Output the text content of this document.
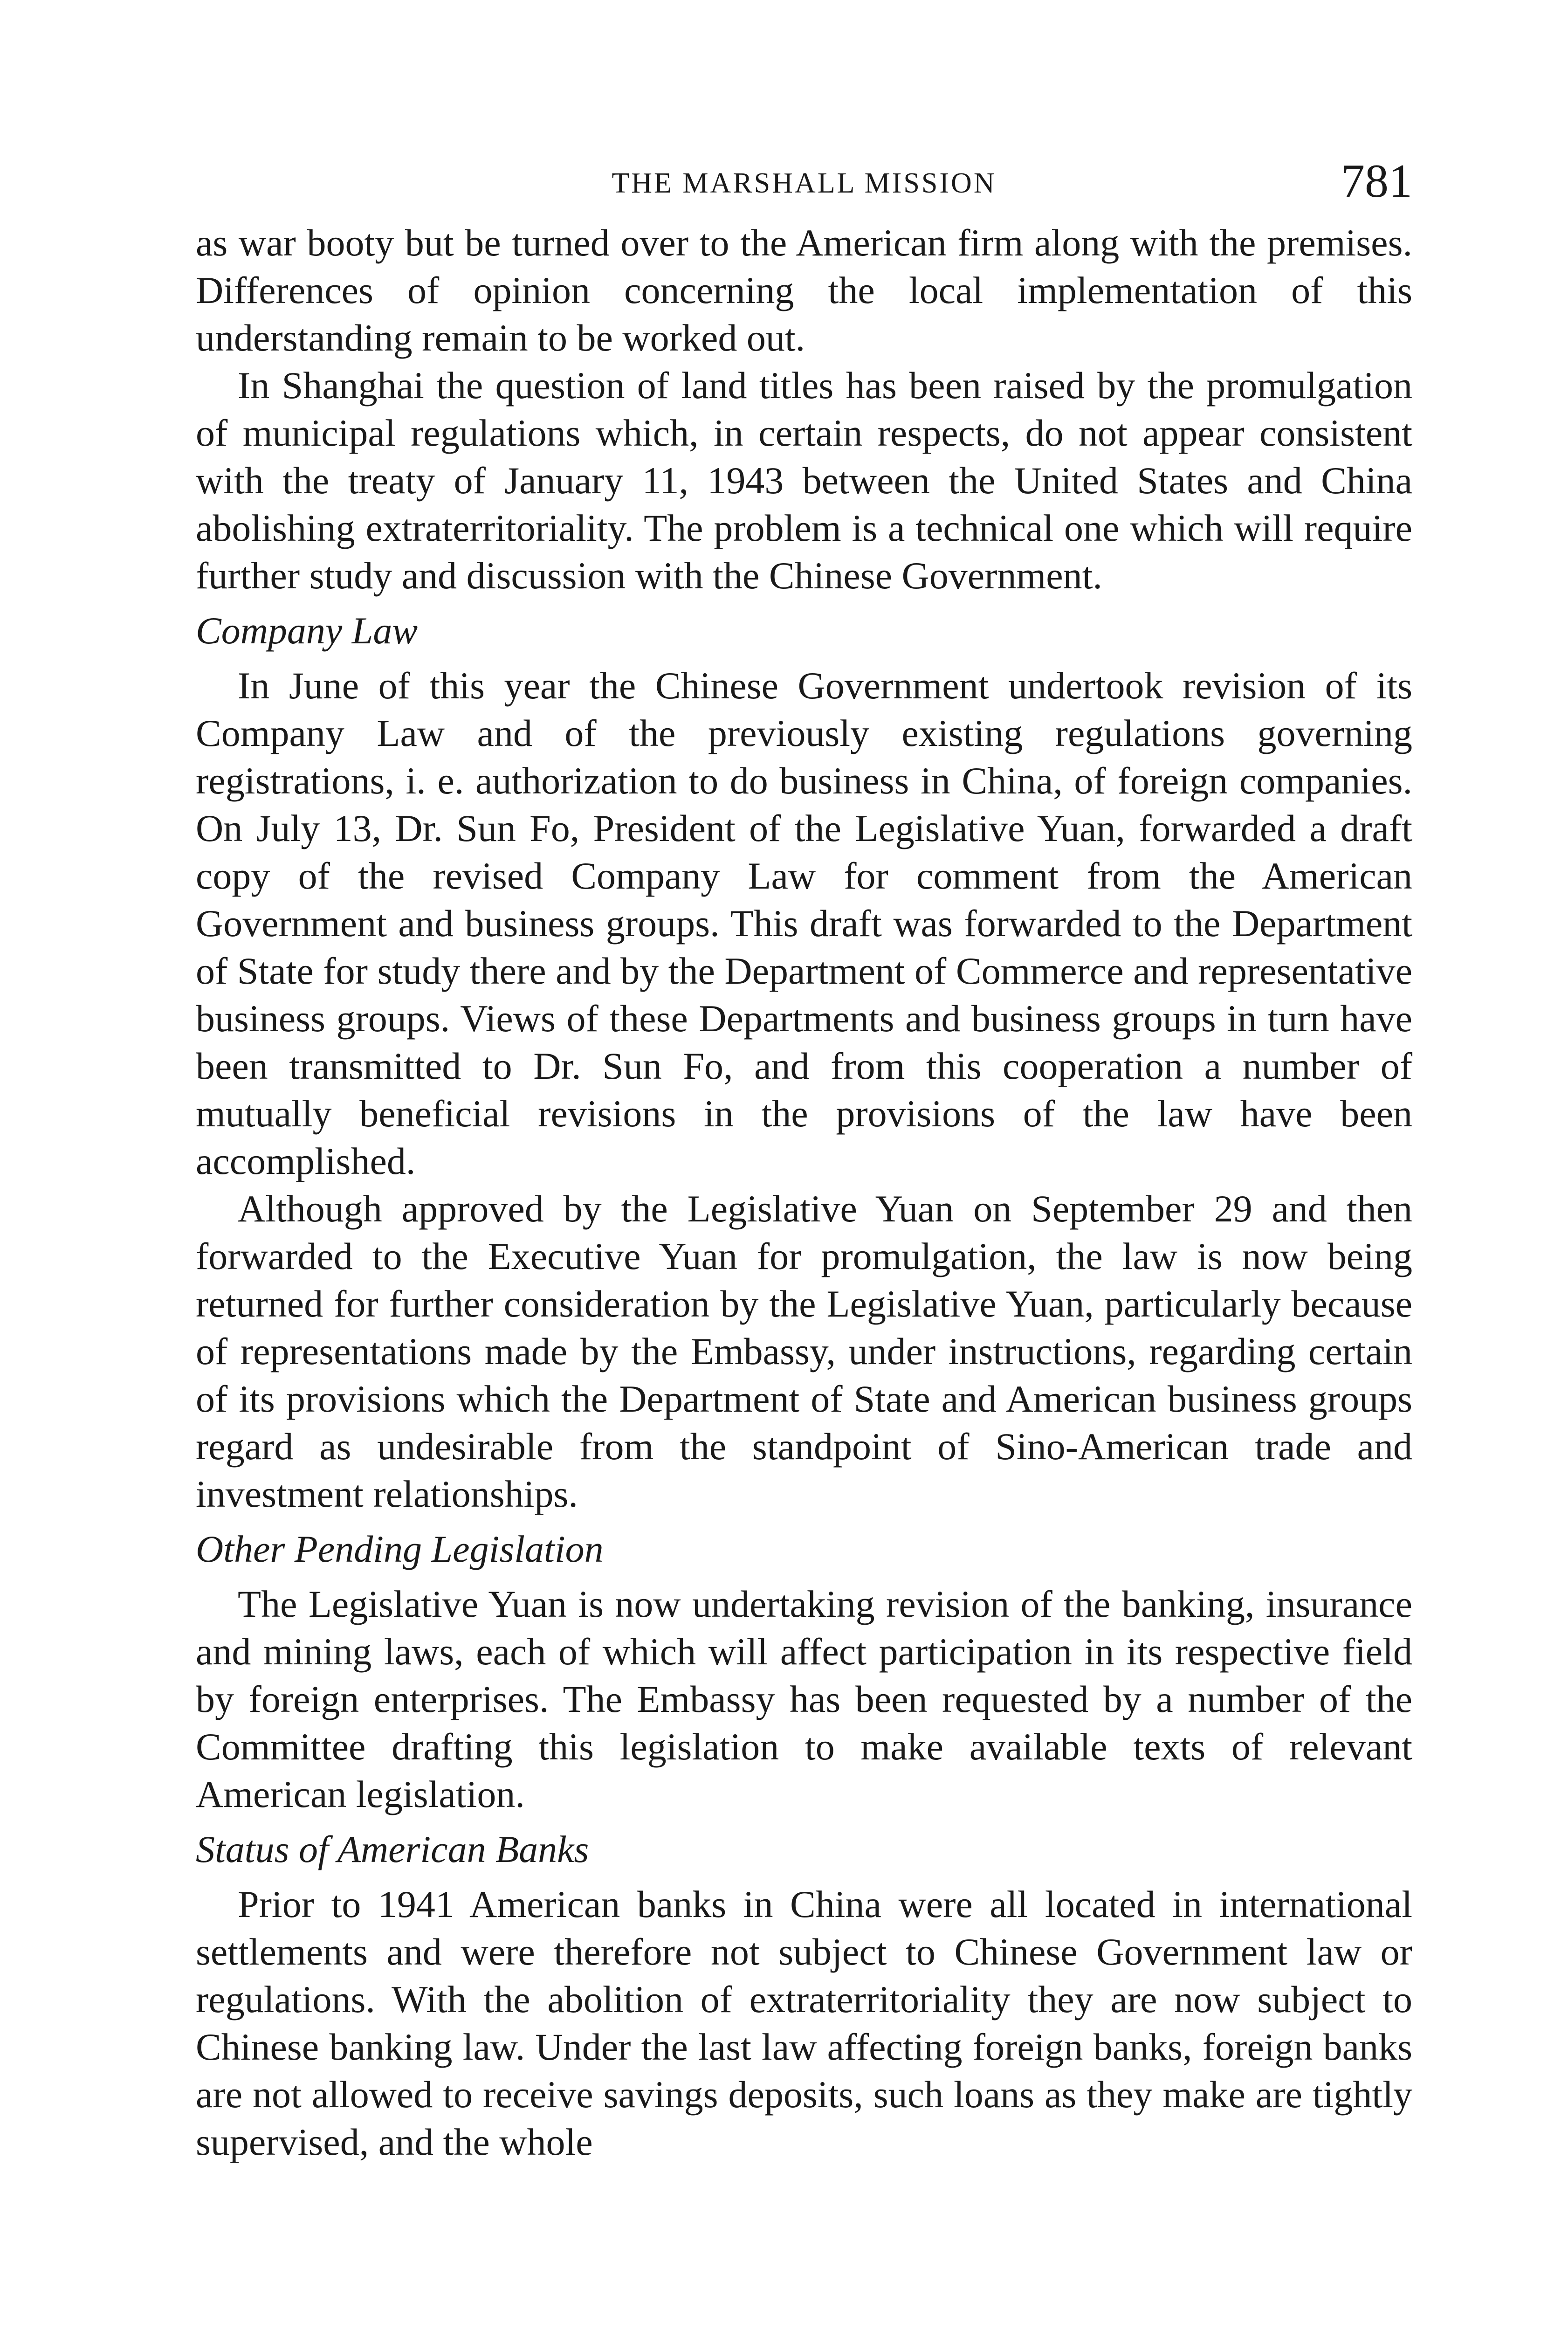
THE MARSHALL MISSION	781

as war booty but be turned over to the American firm along with the premises. Differences of opinion concerning the local implementation of this understanding remain to be worked out.

In Shanghai the question of land titles has been raised by the promulgation of municipal regulations which, in certain respects, do not appear consistent with the treaty of January 11, 1943 between the United States and China abolishing extraterritoriality. The problem is a technical one which will require further study and discussion with the Chinese Government.

Company Law

In June of this year the Chinese Government undertook revision of its Company Law and of the previously existing regulations governing registrations, i. e. authorization to do business in China, of foreign companies. On July 13, Dr. Sun Fo, President of the Legislative Yuan, forwarded a draft copy of the revised Company Law for comment from the American Government and business groups. This draft was forwarded to the Department of State for study there and by the Department of Commerce and representative business groups. Views of these Departments and business groups in turn have been transmitted to Dr. Sun Fo, and from this cooperation a number of mutually beneficial revisions in the provisions of the law have been accomplished.

Although approved by the Legislative Yuan on September 29 and then forwarded to the Executive Yuan for promulgation, the law is now being returned for further consideration by the Legislative Yuan, particularly because of representations made by the Embassy, under instructions, regarding certain of its provisions which the Department of State and American business groups regard as undesirable from the standpoint of Sino-American trade and investment relationships.

Other Pending Legislation

The Legislative Yuan is now undertaking revision of the banking, insurance and mining laws, each of which will affect participation in its respective field by foreign enterprises. The Embassy has been requested by a number of the Committee drafting this legislation to make available texts of relevant American legislation.

Status of American Banks

Prior to 1941 American banks in China were all located in international settlements and were therefore not subject to Chinese Government law or regulations. With the abolition of extraterritoriality they are now subject to Chinese banking law. Under the last law affecting foreign banks, foreign banks are not allowed to receive savings deposits, such loans as they make are tightly supervised, and the whole
